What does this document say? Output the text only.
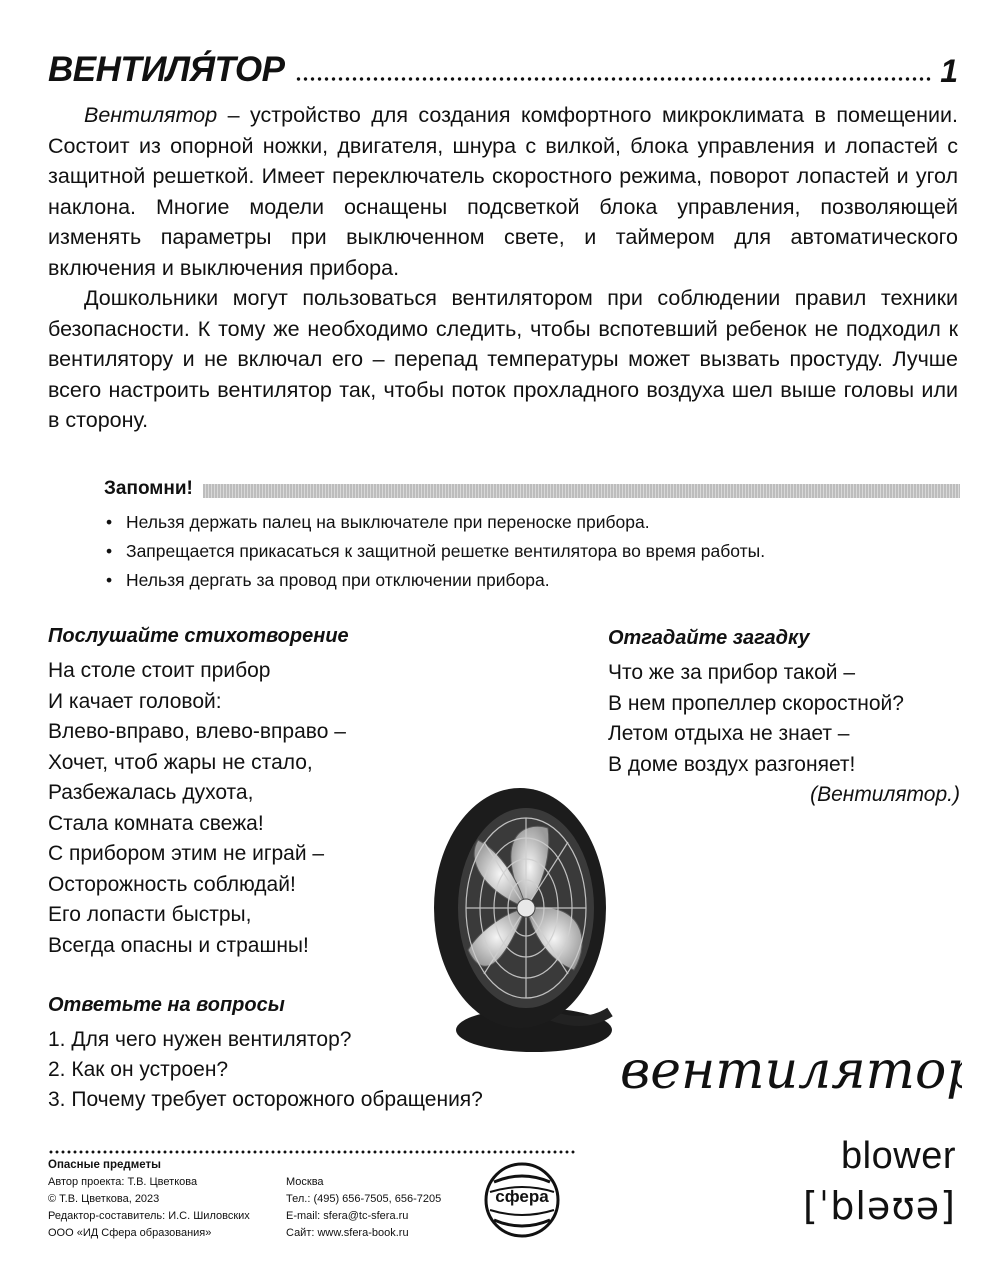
ВЕНТИЛЯ́ТОР	1

Вентилятор – устройство для создания комфортного микроклимата в помещении. Состоит из опорной ножки, двигателя, шнура с вилкой, блока управления и лопастей с защитной решеткой. Имеет переключатель скоростного режима, поворот лопастей и угол наклона. Многие модели оснащены подсветкой блока управления, позволяющей изменять параметры при выключенном свете, и таймером для автоматического включения и выключения прибора.

Дошкольники могут пользоваться вентилятором при соблюдении правил техники безопасности. К тому же необходимо следить, чтобы вспотевший ребенок не подходил к вентилятору и не включал его – перепад температуры может вызвать простуду. Лучше всего настроить вентилятор так, чтобы поток прохладного воздуха шел выше головы или в сторону.

Запомни!
• Нельзя держать палец на выключателе при переноске прибора.
• Запрещается прикасаться к защитной решетке вентилятора во время работы.
• Нельзя дергать за провод при отключении прибора.
Послушайте стихотворение
На столе стоит прибор
И качает головой:
Влево-вправо, влево-вправо –
Хочет, чтоб жары не стало,
Разбежалась духота,
Стала комната свежа!
С прибором этим не играй –
Осторожность соблюдай!
Его лопасти быстры,
Всегда опасны и страшны!
Отгадайте загадку
Что же за прибор такой –
В нем пропеллер скоростной?
Летом отдыха не знает –
В доме воздух разгоняет!
(Вентилятор.)
Ответьте на вопросы
1. Для чего нужен вентилятор?
2. Как он устроен?
3. Почему требует осторожного обращения?	вентилятор
blower
[ˈbləʊə]
Опасные предметы
Автор проекта: Т.В. Цветкова
© Т.В. Цветкова, 2023
Редактор-составитель: И.С. Шиловских
ООО «ИД Сфера образования»
Москва
Тел.: (495) 656-7505, 656-7205
E-mail: sfera@tc-sfera.ru
Сайт: www.sfera-book.ru
сфера
